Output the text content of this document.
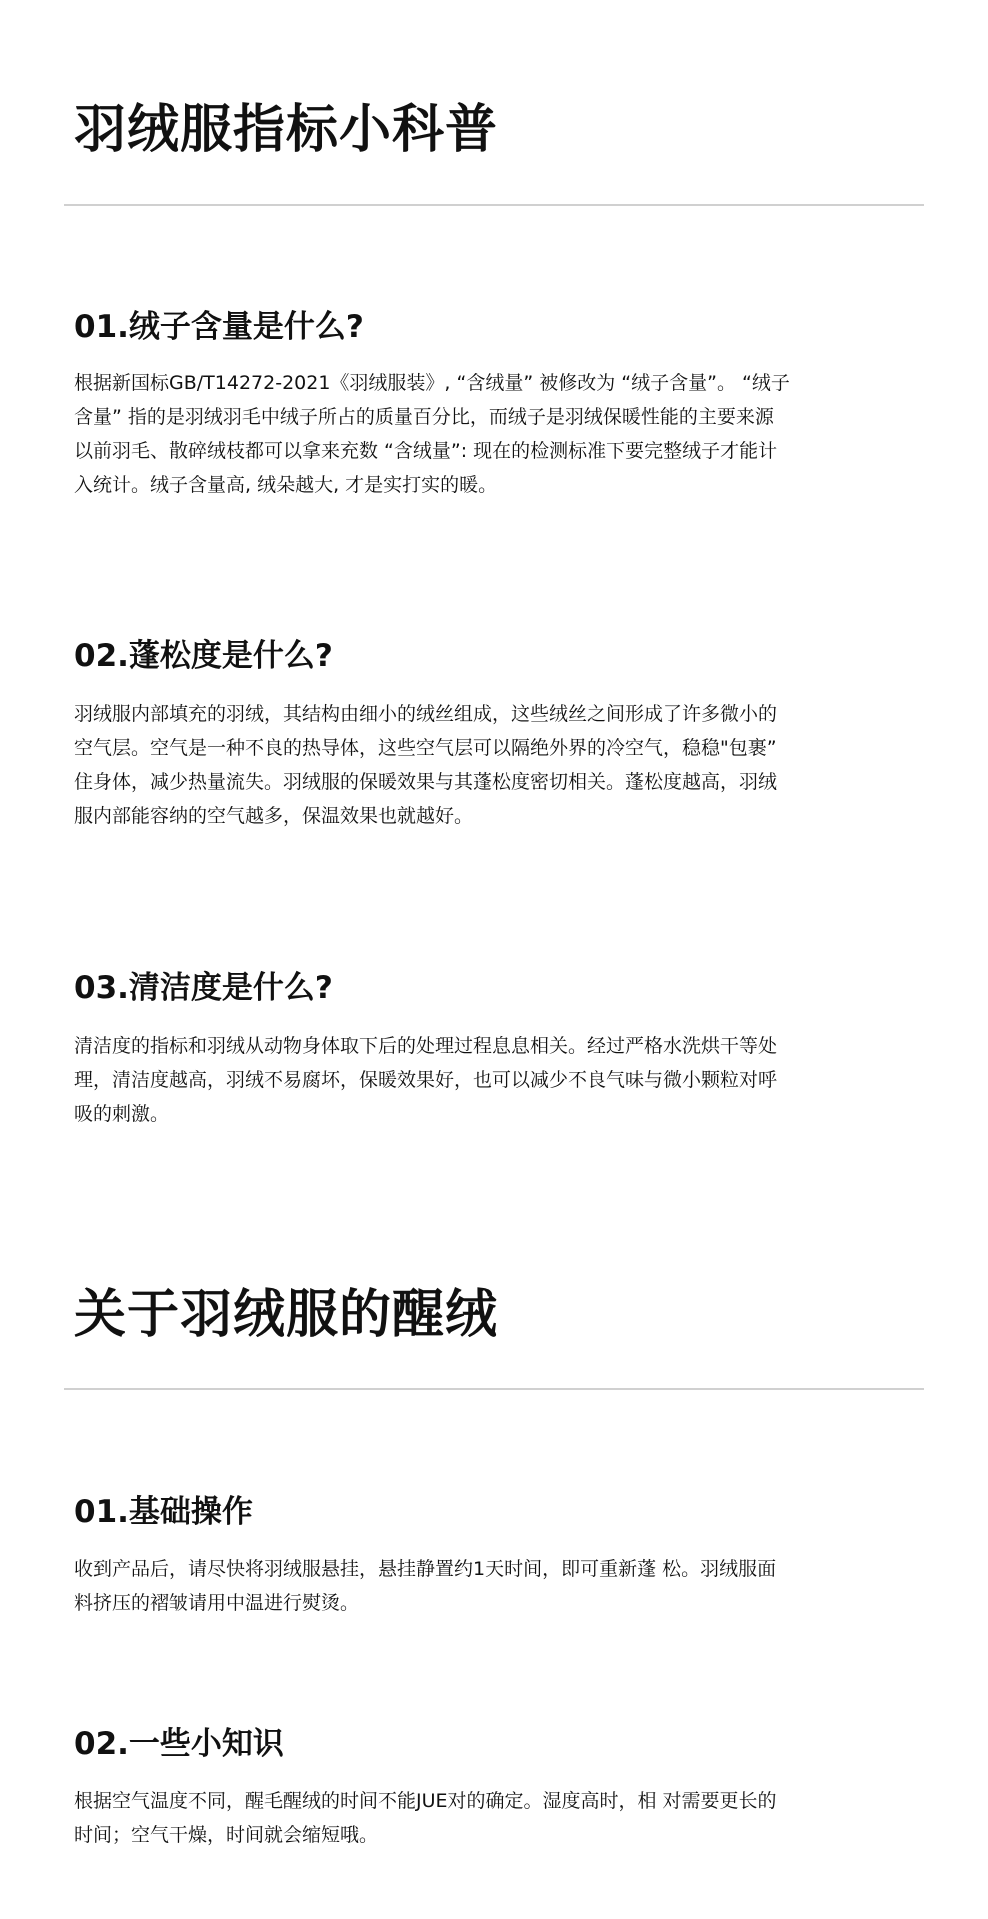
羽绒服指标小科普
01.绒子含量是什么?
根据新国标GB/T14272-2021《羽绒服装》, “含绒量” 被修改为 “绒子含量”。 “绒子
含量” 指的是羽绒羽毛中绒子所占的质量百分比，而绒子是羽绒保暖性能的主要来源
以前羽毛、散碎绒枝都可以拿来充数 “含绒量”: 现在的检测标准下要完整绒子才能计
入统计。绒子含量高, 绒朵越大, 才是实打实的暖。
02.蓬松度是什么?
羽绒服内部填充的羽绒，其结构由细小的绒丝组成，这些绒丝之间形成了许多微小的
空气层。空气是一种不良的热导体，这些空气层可以隔绝外界的冷空气，稳稳"包裹”
住身体，减少热量流失。羽绒服的保暖效果与其蓬松度密切相关。蓬松度越高，羽绒
服内部能容纳的空气越多，保温效果也就越好。
03.清洁度是什么?
清洁度的指标和羽绒从动物身体取下后的处理过程息息相关。经过严格水洗烘干等处
理，清洁度越高，羽绒不易腐坏，保暖效果好，也可以减少不良气味与微小颗粒对呼
吸的刺激。
关于羽绒服的醒绒
01.基础操作
收到产品后，请尽快将羽绒服悬挂，悬挂静置约1天时间，即可重新蓬 松。羽绒服面
料挤压的褶皱请用中温进行熨烫。
02.一些小知识
根据空气温度不同，醒毛醒绒的时间不能JUE对的确定。湿度高时，相 对需要更长的
时间；空气干燥，时间就会缩短哦。
